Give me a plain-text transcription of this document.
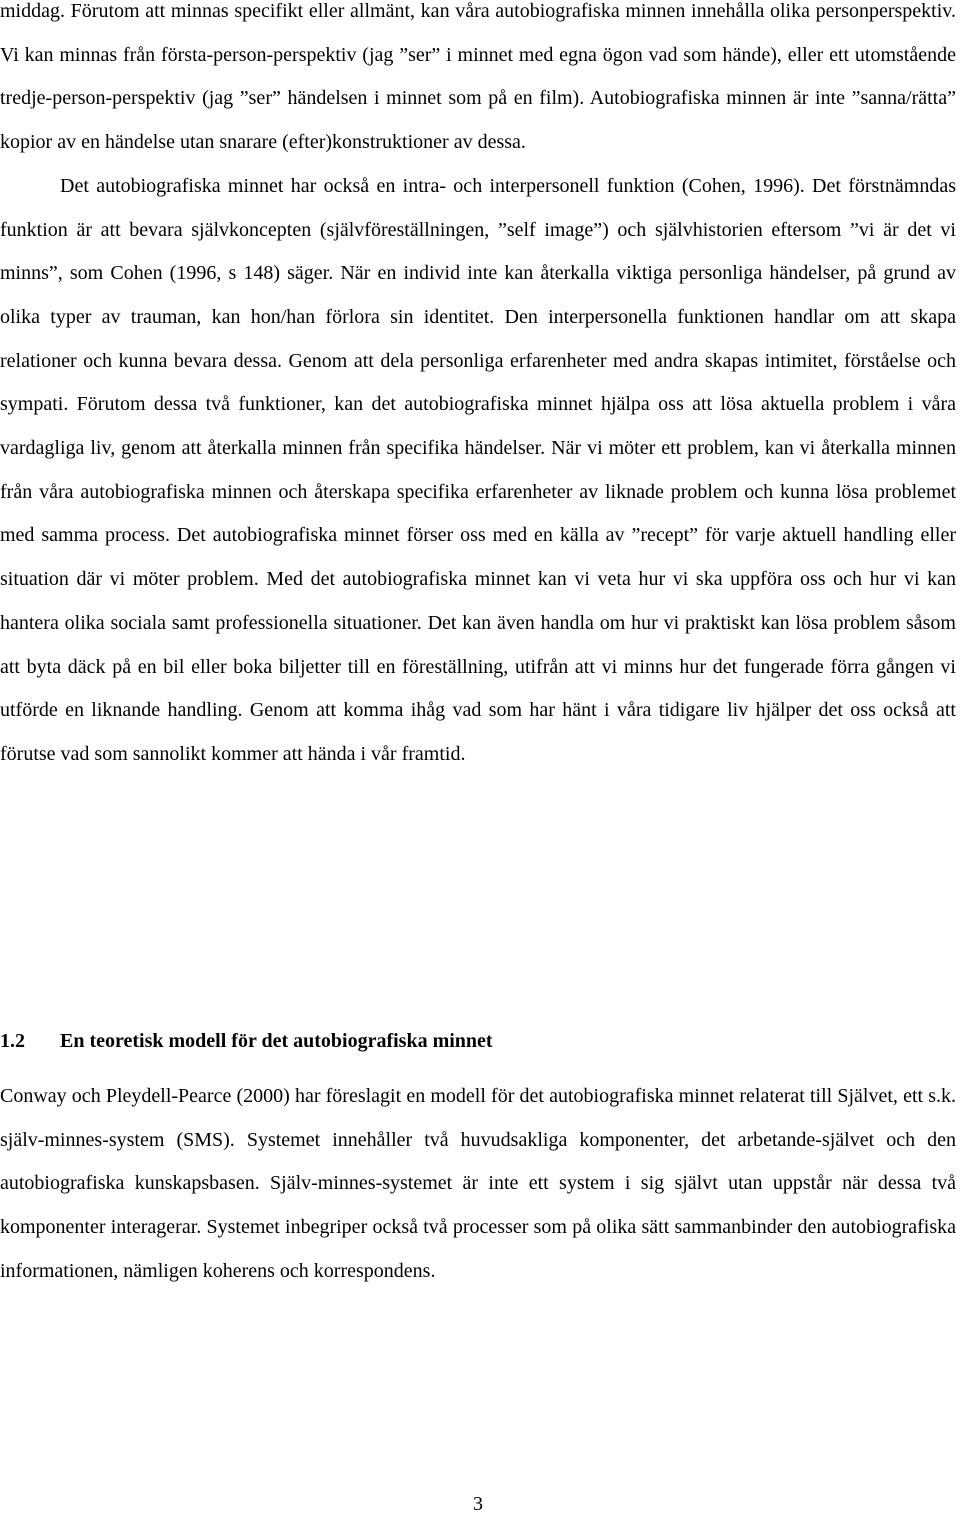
middag. Förutom att minnas specifikt eller allmänt, kan våra autobiografiska minnen innehålla olika personperspektiv. Vi kan minnas från första-person-perspektiv (jag ”ser” i minnet med egna ögon vad som hände), eller ett utomstående tredje-person-perspektiv (jag ”ser” händelsen i minnet som på en film). Autobiografiska minnen är inte ”sanna/rätta” kopior av en händelse utan snarare (efter)konstruktioner av dessa.
Det autobiografiska minnet har också en intra- och interpersonell funktion (Cohen, 1996). Det förstnämndas funktion är att bevara självkoncepten (självföreställningen, ”self image”) och självhistorien eftersom ”vi är det vi minns”, som Cohen (1996, s 148) säger. När en individ inte kan återkalla viktiga personliga händelser, på grund av olika typer av trauman, kan hon/han förlora sin identitet. Den interpersonella funktionen handlar om att skapa relationer och kunna bevara dessa. Genom att dela personliga erfarenheter med andra skapas intimitet, förståelse och sympati. Förutom dessa två funktioner, kan det autobiografiska minnet hjälpa oss att lösa aktuella problem i våra vardagliga liv, genom att återkalla minnen från specifika händelser. När vi möter ett problem, kan vi återkalla minnen från våra autobiografiska minnen och återskapa specifika erfarenheter av liknade problem och kunna lösa problemet med samma process. Det autobiografiska minnet förser oss med en källa av ”recept” för varje aktuell handling eller situation där vi möter problem. Med det autobiografiska minnet kan vi veta hur vi ska uppföra oss och hur vi kan hantera olika sociala samt professionella situationer. Det kan även handla om hur vi praktiskt kan lösa problem såsom att byta däck på en bil eller boka biljetter till en föreställning, utifrån att vi minns hur det fungerade förra gången vi utförde en liknande handling. Genom att komma ihåg vad som har hänt i våra tidigare liv hjälper det oss också att förutse vad som sannolikt kommer att hända i vår framtid.
1.2 En teoretisk modell för det autobiografiska minnet

Conway och Pleydell-Pearce (2000) har föreslagit en modell för det autobiografiska minnet relaterat till Självet, ett s.k. själv-minnes-system (SMS). Systemet innehåller två huvudsakliga komponenter, det arbetande-självet och den autobiografiska kunskapsbasen. Själv-minnes-systemet är inte ett system i sig självt utan uppstår när dessa två komponenter interagerar. Systemet inbegriper också två processer som på olika sätt sammanbinder den autobiografiska informationen, nämligen koherens och korrespondens.

3
